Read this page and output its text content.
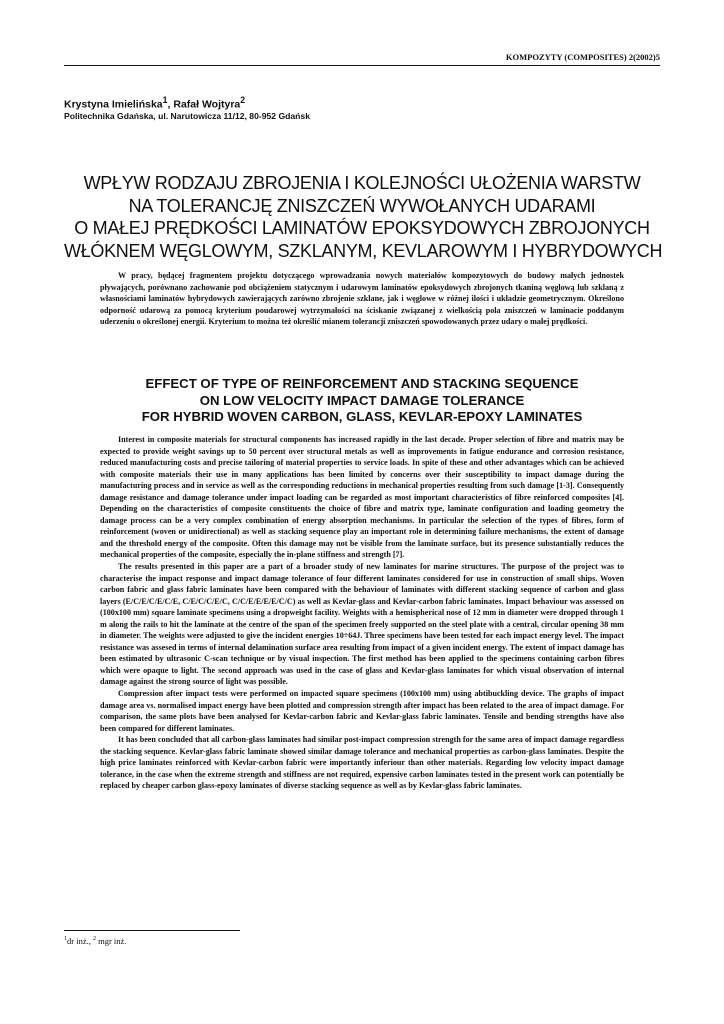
KOMPOZYTY (COMPOSITES) 2(2002)5
Krystyna Imielińska$^1$, Rafał Wojtyra$^2$
Politechnika Gdańska, ul. Narutowicza 11/12, 80-952 Gdańsk
WPŁYW RODZAJU ZBROJENIA I KOLEJNOŚCI UŁOŻENIA WARSTW
NA TOLERANCJĘ ZNISZCZEŃ WYWOŁANYCH UDARAMI
O MAŁEJ PRĘDKOŚCI LAMINATÓW EPOKSYDOWYCH ZBROJONYCH
WŁÓKNEM WĘGLOWYM, SZKLANYM, KEVLAROWYM I HYBRYDOWYCH
W pracy, będącej fragmentem projektu dotyczącego wprowadzania nowych materiałów kompozytowych do budowy małych jednostek pływających, porównano zachowanie pod obciążeniem statycznym i udarowym laminatów epoksydowych zbrojonych tkaniną węglową lub szklaną z własnościami laminatów hybrydowych zawierających zarówno zbrojenie szklane, jak i węglowe w różnej ilości i układzie geometrycznym. Określono odporność udarową za pomocą kryterium poudarowej wytrzymałości na ściskanie związanej z wielkością pola zniszczeń w laminacie poddanym uderzeniu o określonej energii. Kryterium to można też określić mianem tolerancji zniszczeń spowodowanych przez udary o małej prędkości.
EFFECT OF TYPE OF REINFORCEMENT AND STACKING SEQUENCE
ON LOW VELOCITY IMPACT DAMAGE TOLERANCE
FOR HYBRID WOVEN CARBON, GLASS, KEVLAR-EPOXY LAMINATES

Interest in composite materials for structural components has increased rapidly in the last decade. Proper selection of fibre and matrix may be expected to provide weight savings up to 50 percent over structural metals as well as improvements in fatigue endurance and corrosion resistance, reduced manufacturing costs and precise tailoring of material properties to service loads. In spite of these and other advantages which can be achieved with composite materials their use in many applications has been limited by concerns over their susceptibility to impact damage during the manufacturing process and in service as well as the corresponding reductions in mechanical properties resulting from such damage [1-3]. Consequently damage resistance and damage tolerance under impact loading can be regarded as most important characteristics of fibre reinforced composites [4]. Depending on the characteristics of composite constituents the choice of fibre and matrix type, laminate configuration and loading geometry the damage process can be a very complex combination of energy absorption mechanisms. In particular the selection of the types of fibres, form of reinforcement (woven or unidirectional) as well as stacking sequence play an important role in determining failure mechanisms, the extent of damage and the threshold energy of the composite. Often this damage may not be visible from the laminate surface, but its presence substantially reduces the mechanical properties of the composite, especially the in-plane stiffness and strength [7].

The results presented in this paper are a part of a broader study of new laminates for marine structures. The purpose of the project was to characterise the impact response and impact damage tolerance of four different laminates considered for use in construction of small ships. Woven carbon fabric and glass fabric laminates have been compared with the behaviour of laminates with different stacking sequence of carbon and glass layers (E/C/E/C/E/C/E, C/E/C/C/E/C, C/C/E/E/E/E/C/C) as well as Kevlar-glass and Kevlar-carbon fabric laminates. Impact behaviour was assessed on (100x100 mm) square laminate specimens using a dropweight facility. Weights with a hemispherical nose of 12 mm in diameter were dropped through 1 m along the rails to hit the laminate at the centre of the span of the specimen freely supported on the steel plate with a central, circular opening 38 mm in diameter. The weights were adjusted to give the incident energies 10÷64J. Three specimens have been tested for each impact energy level. The impact resistance was assesed in terms of internal delamination surface area resulting from impact of a given incident energy. The extent of impact damage has been estimated by ultrasonic C-scan technique or by visual inspection. The first method has been applied to the specimens containing carbon fibres which were opaque to light. The second approach was used in the case of glass and Kevlar-glass laminates for which visual observation of internal damage against the strong source of light was possible.

Compression after impact tests were performed on impacted square specimens (100x100 mm) using abtibuckling device. The graphs of impact damage area vs. normalised impact energy have been plotted and compression strength after impact has been related to the area of impact damage. For comparison, the same plots have been analysed for Kevlar-carbon fabric and Kevlar-glass fabric laminates. Tensile and bending strengths have also been compared for different laminates.

It has been concluded that all carbon-glass laminates had similar post-impact compression strength for the same area of impact damage regardless the stacking sequence. Kevlar-glass fabric laminate showed similar damage tolerance and mechanical properties as carbon-glass laminates. Despite the high price laminates reinforced with Kevlar-carbon fabric were importantly inferiour than other materials. Regarding low velocity impact damage tolerance, in the case when the extreme strength and stiffness are not required, expensive carbon laminates tested in the present work can potentially be replaced by cheaper carbon glass-epoxy laminates of diverse stacking sequence as well as by Kevlar-glass fabric laminates.

$^1$dr inż., $^2$ mgr inż.
